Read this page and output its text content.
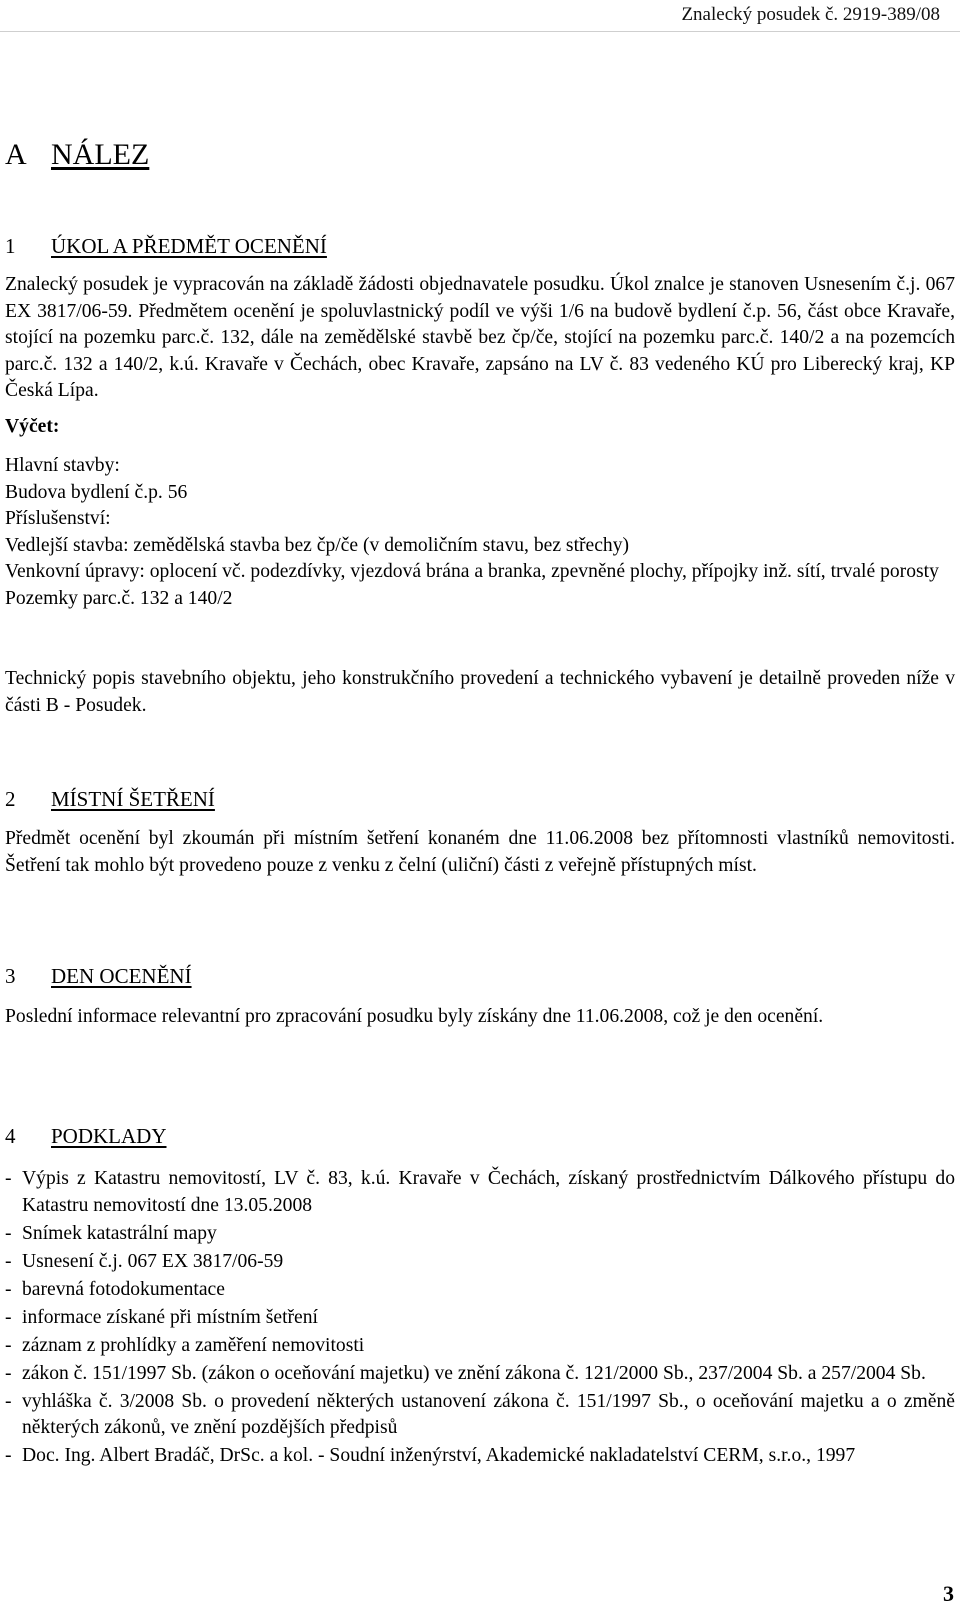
Znalecký posudek č. 2919-389/08
A NÁLEZ
1	ÚKOL A PŘEDMĚT OCENĚNÍ

Znalecký posudek je vypracován na základě žádosti objednavatele posudku. Úkol znalce je stanoven Usnesením č.j. 067 EX 3817/06-59. Předmětem ocenění je spoluvlastnický podíl ve výši 1/6 na budově bydlení č.p. 56, část obce Kravaře, stojící na pozemku parc.č. 132, dále na zemědělské stavbě bez čp/če, stojící na pozemku parc.č. 140/2 a na pozemcích parc.č. 132 a 140/2, k.ú. Kravaře v Čechách, obec Kravaře, zapsáno na LV č. 83 vedeného KÚ pro Liberecký kraj, KP Česká Lípa.

Výčet:

Hlavní stavby:

Budova bydlení č.p. 56

Příslušenství:

Vedlejší stavba: zemědělská stavba bez čp/če (v demoličním stavu, bez střechy)

Venkovní úpravy: oplocení vč. podezdívky, vjezdová brána a branka, zpevněné plochy, přípojky inž. sítí, trvalé porosty

Pozemky parc.č. 132 a 140/2

Technický popis stavebního objektu, jeho konstrukčního provedení a technického vybavení je detailně proveden níže v části B - Posudek.

2	MÍSTNÍ ŠETŘENÍ

Předmět ocenění byl zkoumán při místním šetření konaném dne 11.06.2008 bez přítomnosti vlastníků nemovitosti. Šetření tak mohlo být provedeno pouze z venku z čelní (uliční) části z veřejně přístupných míst.

3	DEN OCENĚNÍ

Poslední informace relevantní pro zpracování posudku byly získány dne 11.06.2008, což je den ocenění.

4	PODKLADY
- Výpis z Katastru nemovitostí, LV č. 83, k.ú. Kravaře v Čechách, získaný prostřednictvím Dálkového přístupu do Katastru nemovitostí dne 13.05.2008
- Snímek katastrální mapy
- Usnesení č.j. 067 EX 3817/06-59
- barevná fotodokumentace
- informace získané při místním šetření
- záznam z prohlídky a zaměření nemovitosti
- zákon č. 151/1997 Sb. (zákon o oceňování majetku) ve znění zákona č. 121/2000 Sb., 237/2004 Sb. a 257/2004 Sb.
- vyhláška č. 3/2008 Sb. o provedení některých ustanovení zákona č. 151/1997 Sb., o oceňování majetku a o změně některých zákonů, ve znění pozdějších předpisů
- Doc. Ing. Albert Bradáč, DrSc. a kol. - Soudní inženýrství, Akademické nakladatelství CERM, s.r.o., 1997
3
